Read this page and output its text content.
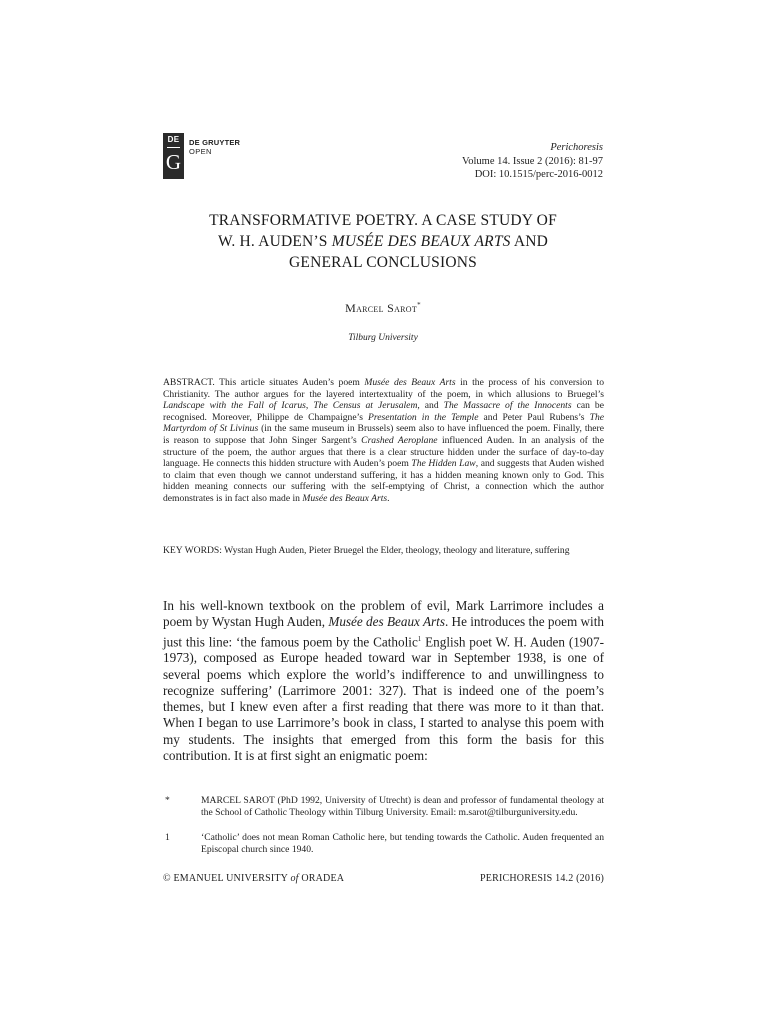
DE
G
DE GRUYTER
OPEN	Perichoresis
Volume 14. Issue 2 (2016): 81-97
DOI: 10.1515/perc-2016-0012
TRANSFORMATIVE POETRY. A CASE STUDY OF
W. H. AUDEN’S MUSÉE DES BEAUX ARTS AND
GENERAL CONCLUSIONS
Marcel Sarot*
Tilburg University
ABSTRACT. This article situates Auden’s poem Musée des Beaux Arts in the process of his conversion to Christianity. The author argues for the layered intertextuality of the poem, in which allusions to Bruegel’s Landscape with the Fall of Icarus, The Census at Jerusalem, and The Massacre of the Innocents can be recognised. Moreover, Philippe de Champaigne’s Presentation in the Temple and Peter Paul Rubens’s The Martyrdom of St Livinus (in the same museum in Brussels) seem also to have influenced the poem. Finally, there is reason to suppose that John Singer Sargent’s Crashed Aeroplane influenced Auden. In an analysis of the structure of the poem, the author argues that there is a clear structure hidden under the surface of day-to-day language. He connects this hidden structure with Auden’s poem The Hidden Law, and suggests that Auden wished to claim that even though we cannot understand suffering, it has a hidden meaning known only to God. This hidden meaning connects our suffering with the self-emptying of Christ, a connection which the author demonstrates is in fact also made in Musée des Beaux Arts.
KEY WORDS: Wystan Hugh Auden, Pieter Bruegel the Elder, theology, theology and literature, suffering
In his well-known textbook on the problem of evil, Mark Larrimore includes a poem by Wystan Hugh Auden, Musée des Beaux Arts. He introduces the poem with just this line: ‘the famous poem by the Catholic$^1$ English poet W. H. Auden (1907-1973), composed as Europe headed toward war in September 1938, is one of several poems which explore the world’s indifference to and unwillingness to recognize suffering’ (Larrimore 2001: 327). That is indeed one of the poem’s themes, but I knew even after a first reading that there was more to it than that. When I began to use Larrimore’s book in class, I started to analyse this poem with my students. The insights that emerged from this form the basis for this contribution. It is at first sight an enigmatic poem:
*	MARCEL SAROT (PhD 1992, University of Utrecht) is dean and professor of fundamental theology at the School of Catholic Theology within Tilburg University. Email: m.sarot@tilburguniversity.edu.
1	‘Catholic’ does not mean Roman Catholic here, but tending towards the Catholic. Auden frequented an Episcopal church since 1940.
© EMANUEL UNIVERSITY of ORADEA	PERICHORESIS 14.2 (2016)
